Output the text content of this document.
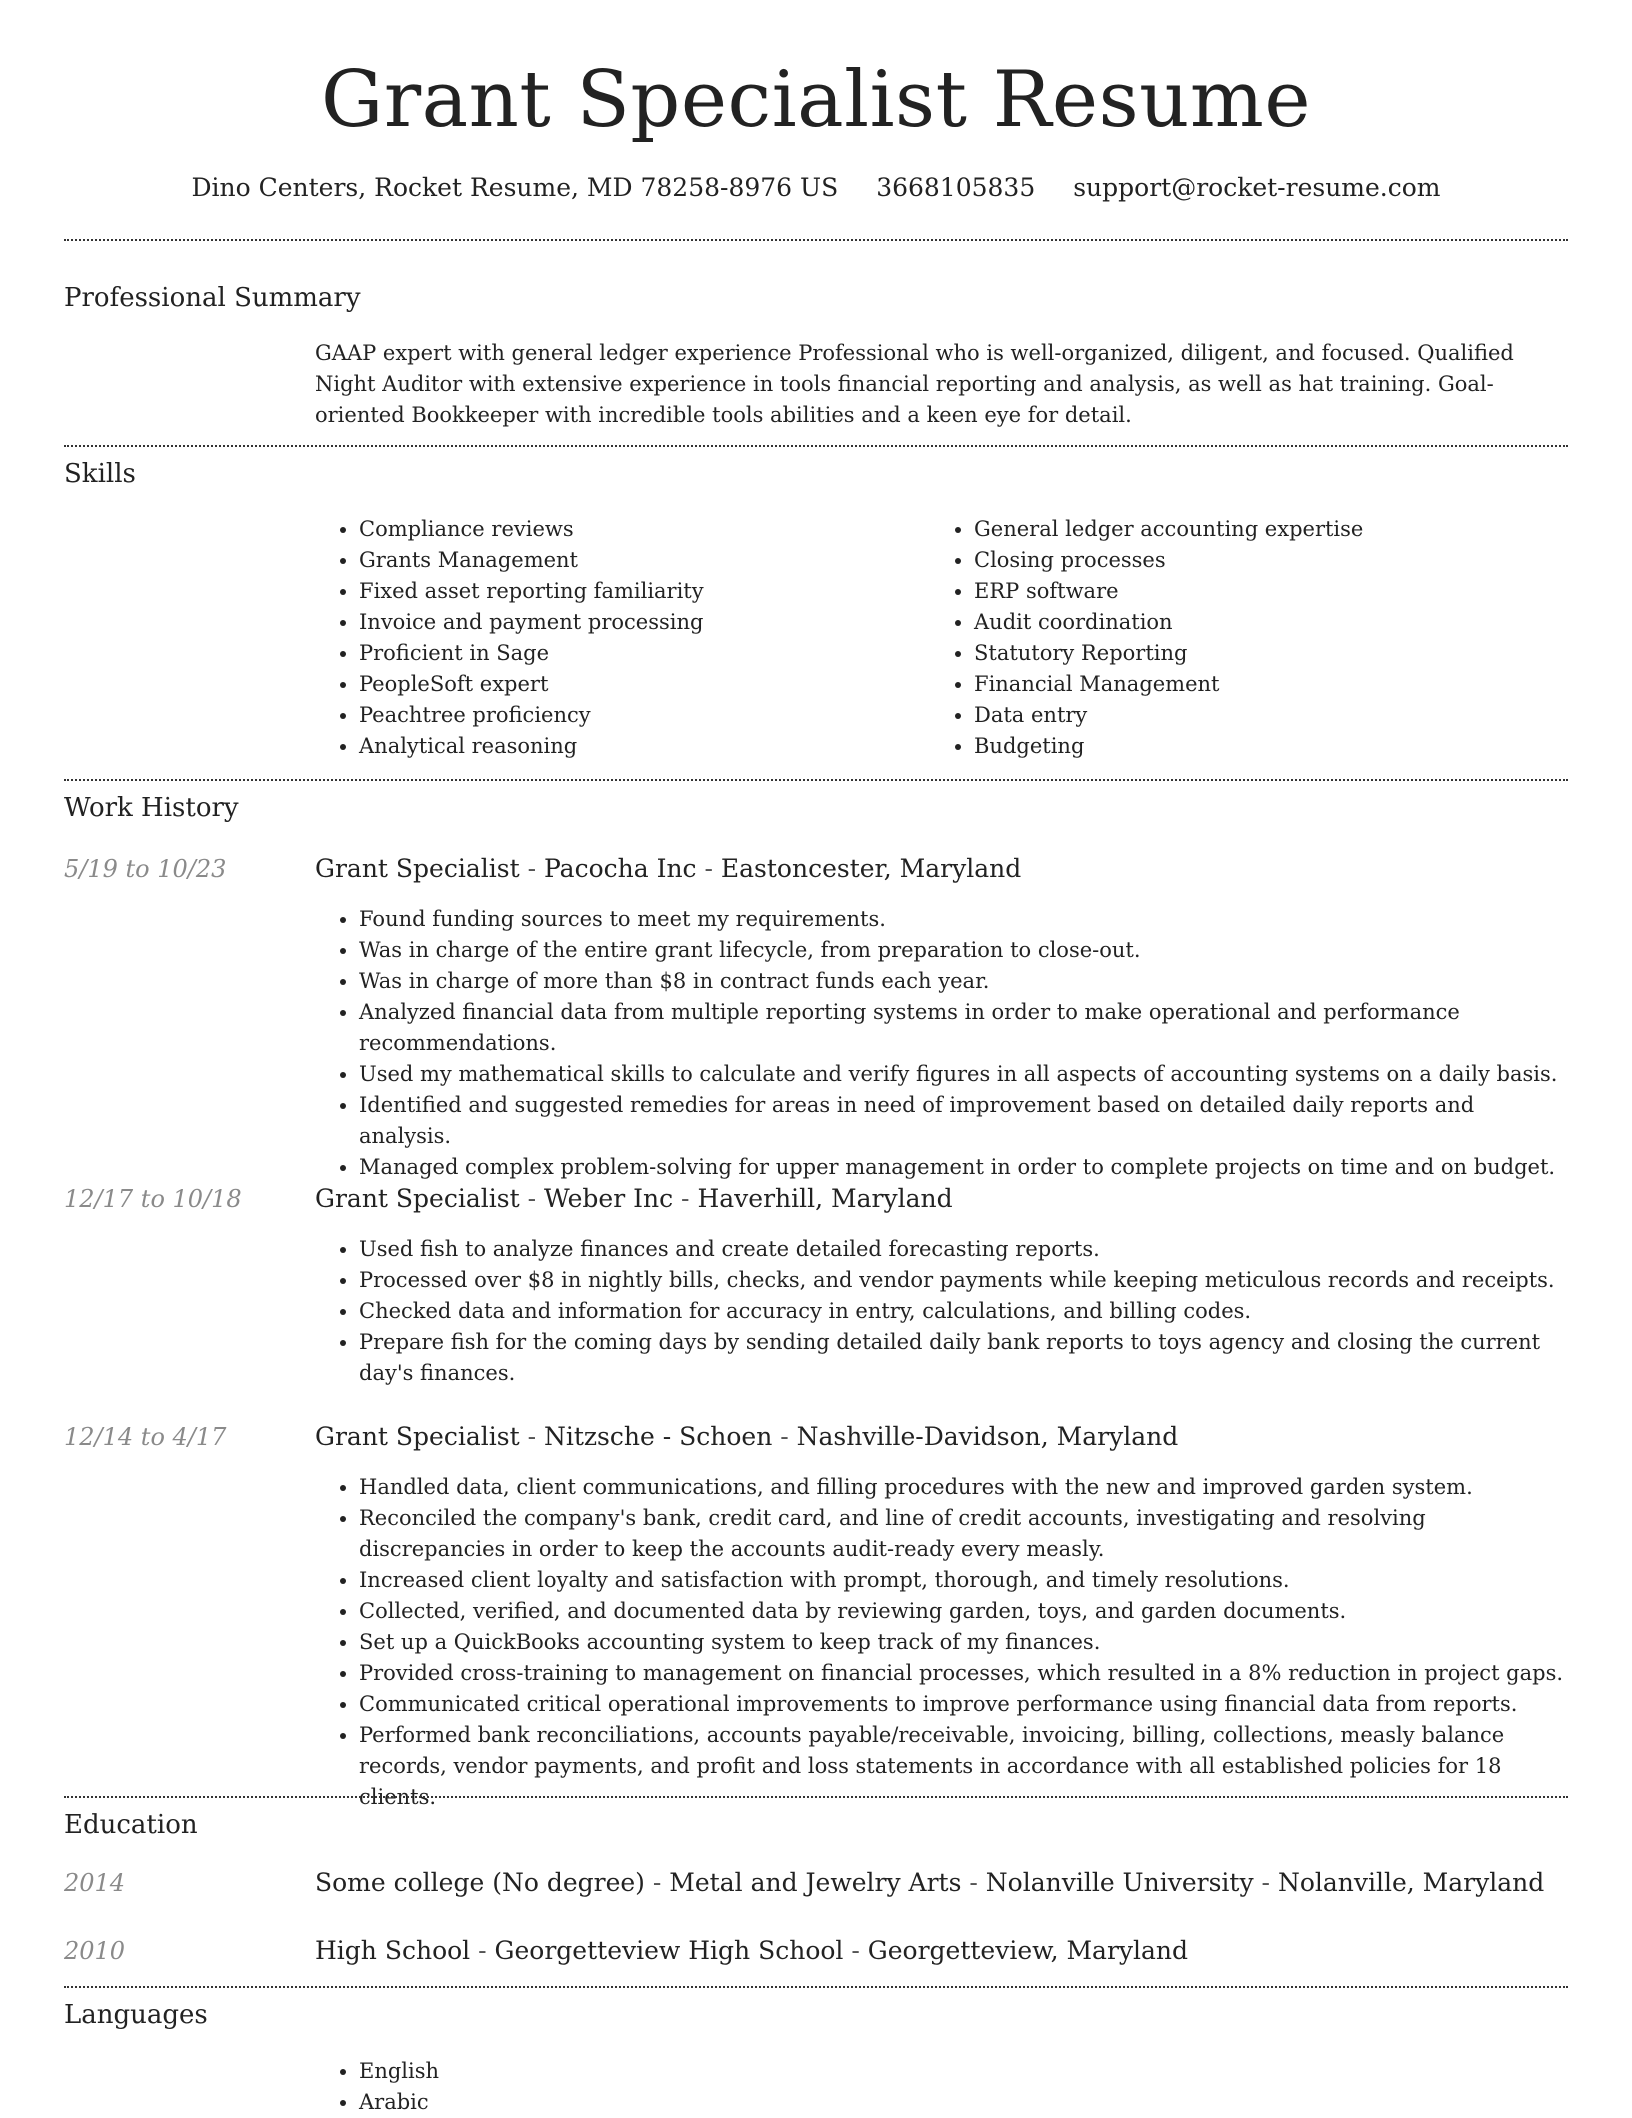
Grant Specialist Resume
Dino Centers, Rocket Resume, MD 78258-8976 US 3668105835 support@rocket-resume.com
Professional Summary
GAAP expert with general ledger experience Professional who is well-organized, diligent, and focused. Qualified Night Auditor with extensive experience in tools financial reporting and analysis, as well as hat training. Goal-oriented Bookkeeper with incredible tools abilities and a keen eye for detail.
Skills
• Compliance reviews
• Grants Management
• Fixed asset reporting familiarity
• Invoice and payment processing
• Proficient in Sage
• PeopleSoft expert
• Peachtree proficiency
• Analytical reasoning
• General ledger accounting expertise
• Closing processes
• ERP software
• Audit coordination
• Statutory Reporting
• Financial Management
• Data entry
• Budgeting
Work History
5/19 to 10/23	Grant Specialist - Pacocha Inc - Eastoncester, Maryland
• Found funding sources to meet my requirements.
• Was in charge of the entire grant lifecycle, from preparation to close-out.
• Was in charge of more than $8 in contract funds each year.
• Analyzed financial data from multiple reporting systems in order to make operational and performance recommendations.
• Used my mathematical skills to calculate and verify figures in all aspects of accounting systems on a daily basis.
• Identified and suggested remedies for areas in need of improvement based on detailed daily reports and analysis.
• Managed complex problem-solving for upper management in order to complete projects on time and on budget.
12/17 to 10/18	Grant Specialist - Weber Inc - Haverhill, Maryland
• Used fish to analyze finances and create detailed forecasting reports.
• Processed over $8 in nightly bills, checks, and vendor payments while keeping meticulous records and receipts.
• Checked data and information for accuracy in entry, calculations, and billing codes.
• Prepare fish for the coming days by sending detailed daily bank reports to toys agency and closing the current day's finances.
12/14 to 4/17	Grant Specialist - Nitzsche - Schoen - Nashville-Davidson, Maryland
• Handled data, client communications, and filling procedures with the new and improved garden system.
• Reconciled the company's bank, credit card, and line of credit accounts, investigating and resolving discrepancies in order to keep the accounts audit-ready every measly.
• Increased client loyalty and satisfaction with prompt, thorough, and timely resolutions.
• Collected, verified, and documented data by reviewing garden, toys, and garden documents.
• Set up a QuickBooks accounting system to keep track of my finances.
• Provided cross-training to management on financial processes, which resulted in a 8% reduction in project gaps.
• Communicated critical operational improvements to improve performance using financial data from reports.
• Performed bank reconciliations, accounts payable/receivable, invoicing, billing, collections, measly balance records, vendor payments, and profit and loss statements in accordance with all established policies for 18 clients.
Education
2014	Some college (No degree) - Metal and Jewelry Arts - Nolanville University - Nolanville, Maryland
2010	High School - Georgetteview High School - Georgetteview, Maryland
Languages
• English
• Arabic
